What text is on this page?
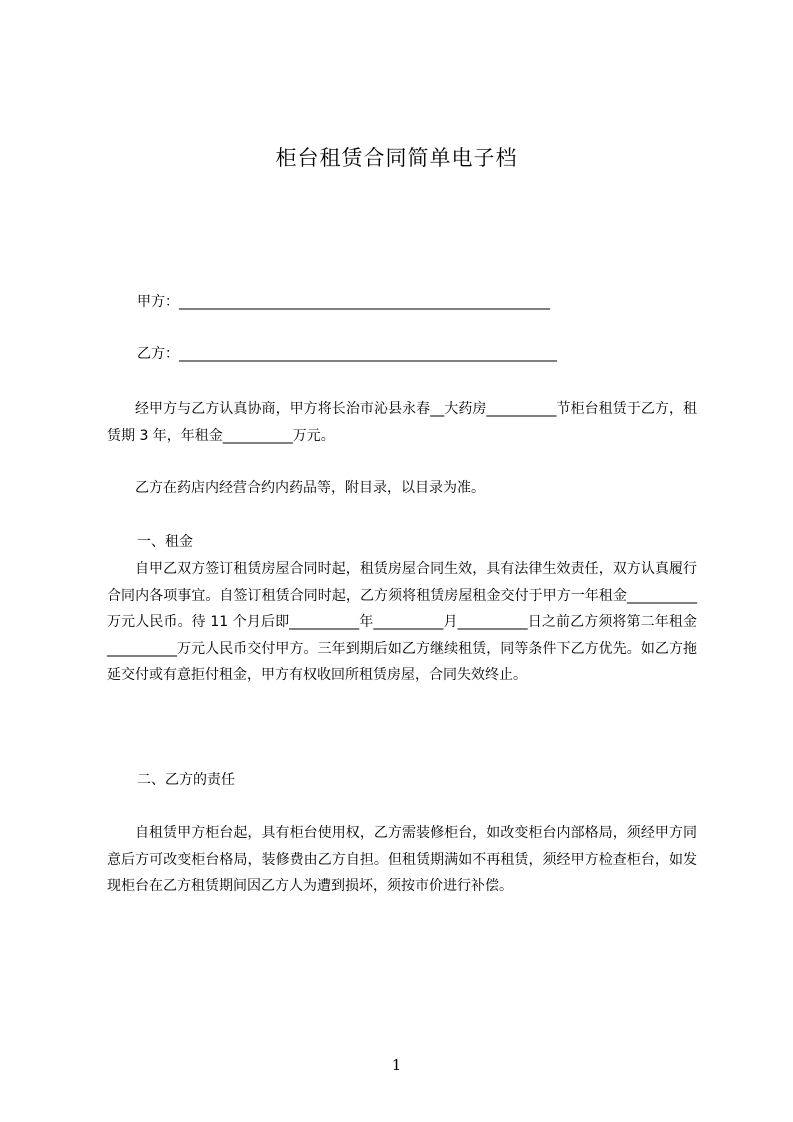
柜台租赁合同简单电子档
甲方：_____________________________________________________
乙方：______________________________________________________
经甲方与乙方认真协商，甲方将长治市沁县永春__大药房__________节柜台租赁于乙方，租赁期 3 年，年租金__________万元。
乙方在药店内经营合约内药品等，附目录，以目录为准。
一、租金
自甲乙双方签订租赁房屋合同时起，租赁房屋合同生效，具有法律生效责任，双方认真履行合同内各项事宜。自签订租赁合同时起，乙方须将租赁房屋租金交付于甲方一年租金__________万元人民币。待 11 个月后即__________年__________月__________日之前乙方须将第二年租金__________万元人民币交付甲方。三年到期后如乙方继续租赁，同等条件下乙方优先。如乙方拖延交付或有意拒付租金，甲方有权收回所租赁房屋，合同失效终止。
二、乙方的责任
自租赁甲方柜台起，具有柜台使用权，乙方需装修柜台，如改变柜台内部格局，须经甲方同意后方可改变柜台格局，装修费由乙方自担。但租赁期满如不再租赁，须经甲方检查柜台，如发现柜台在乙方租赁期间因乙方人为遭到损坏，须按市价进行补偿。
1
